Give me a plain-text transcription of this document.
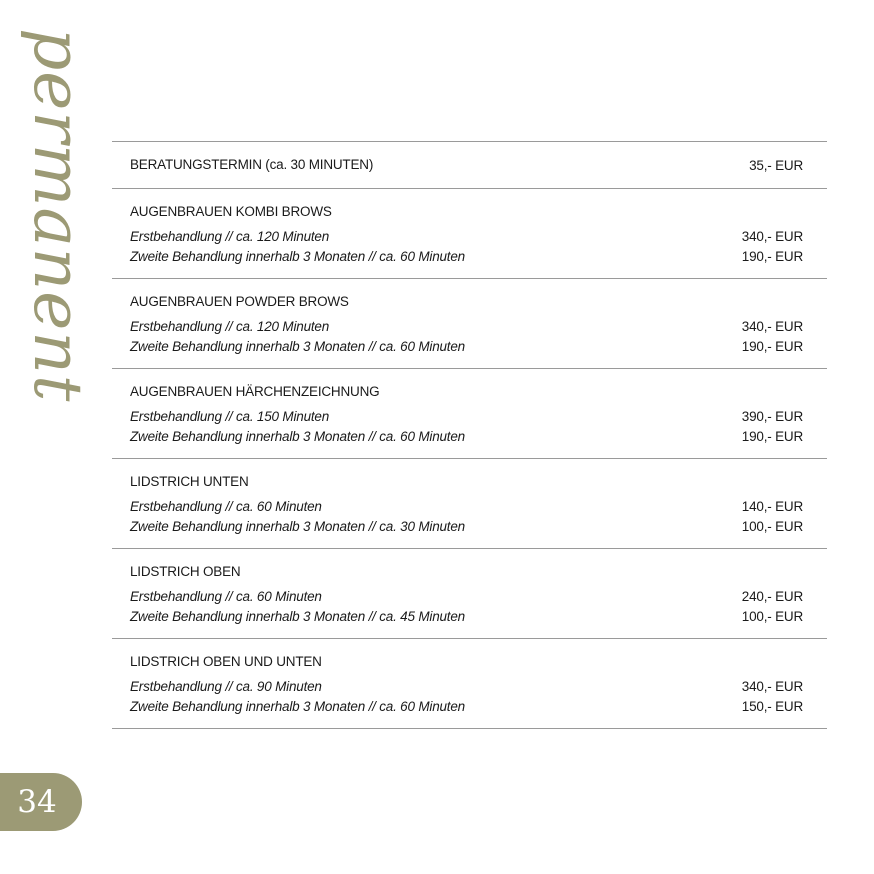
permanent	BERATUNGSTERMIN (ca. 30 MINUTEN)	35,- EUR
AUGENBRAUEN KOMBI BROWS
Erstbehandlung // ca. 120 Minuten	340,- EUR
Zweite Behandlung innerhalb 3 Monaten // ca. 60 Minuten	190,- EUR
AUGENBRAUEN POWDER BROWS
Erstbehandlung // ca. 120 Minuten	340,- EUR
Zweite Behandlung innerhalb 3 Monaten // ca. 60 Minuten	190,- EUR
AUGENBRAUEN HÄRCHENZEICHNUNG
Erstbehandlung // ca. 150 Minuten	390,- EUR
Zweite Behandlung innerhalb 3 Monaten // ca. 60 Minuten	190,- EUR
LIDSTRICH UNTEN
Erstbehandlung // ca. 60 Minuten	140,- EUR
Zweite Behandlung innerhalb 3 Monaten // ca. 30 Minuten	100,- EUR
LIDSTRICH OBEN
Erstbehandlung // ca. 60 Minuten	240,- EUR
Zweite Behandlung innerhalb 3 Monaten // ca. 45 Minuten	100,- EUR
LIDSTRICH OBEN UND UNTEN
Erstbehandlung // ca. 90 Minuten	340,- EUR
Zweite Behandlung innerhalb 3 Monaten // ca. 60 Minuten	150,- EUR
34
